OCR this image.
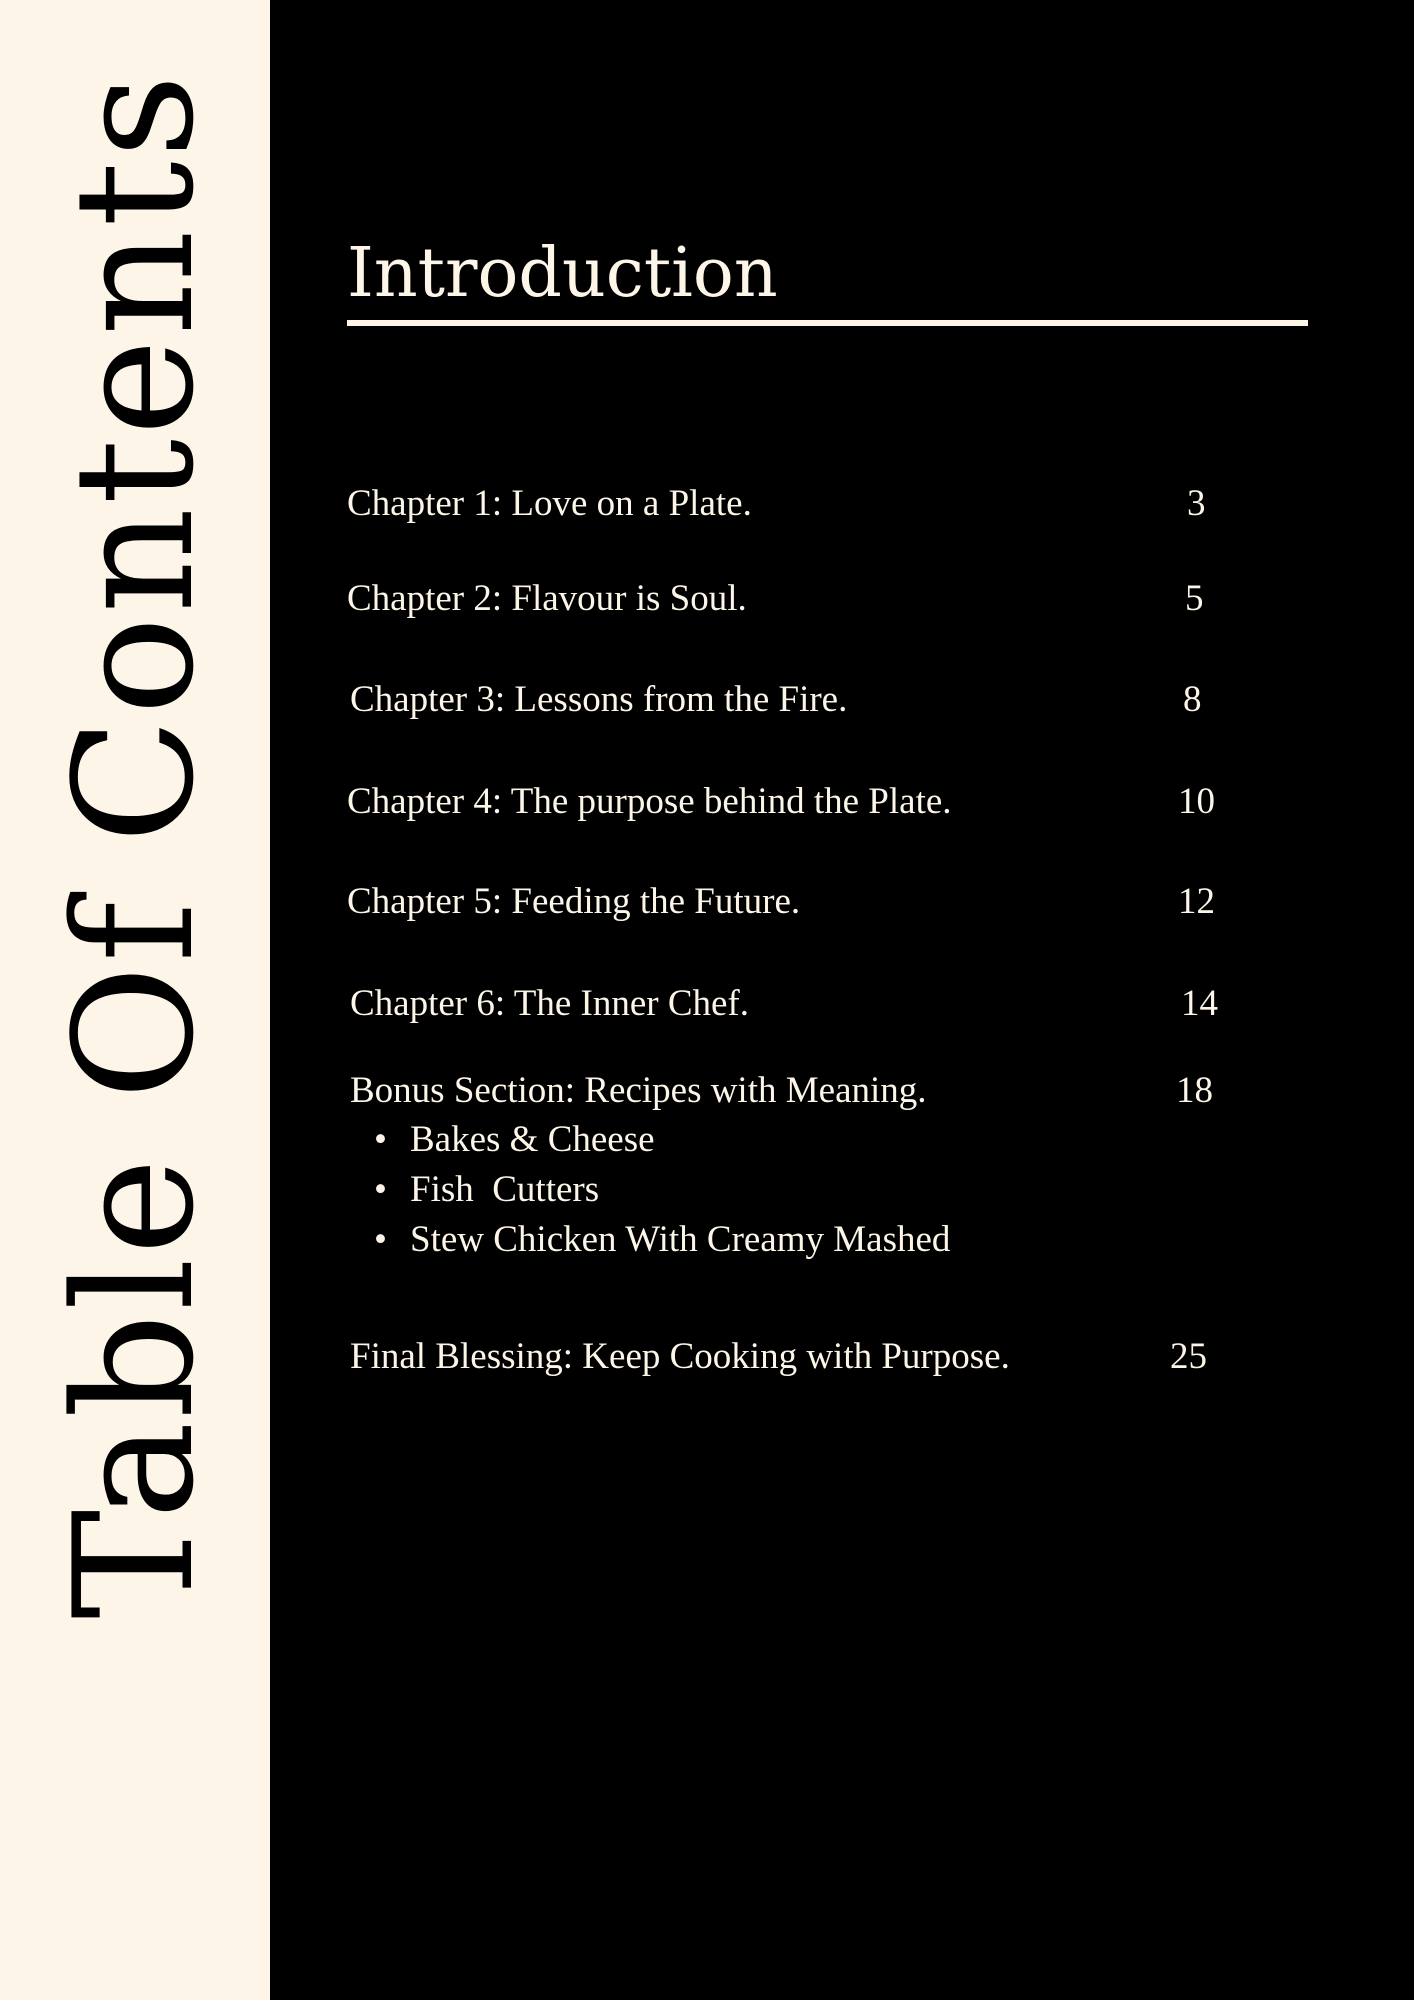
Table Of Contents Introduction
Chapter 1: Love on a Plate.	3
Chapter 2: Flavour is Soul.	5
Chapter 3: Lessons from the Fire.	8
Chapter 4: The purpose behind the Plate.	10
Chapter 5: Feeding the Future.	12
Chapter 6: The Inner Chef.	14
Bonus Section: Recipes with Meaning.	18
• Bakes & Cheese
• Fish  Cutters
• Stew Chicken With Creamy Mashed
Final Blessing: Keep Cooking with Purpose.	25
